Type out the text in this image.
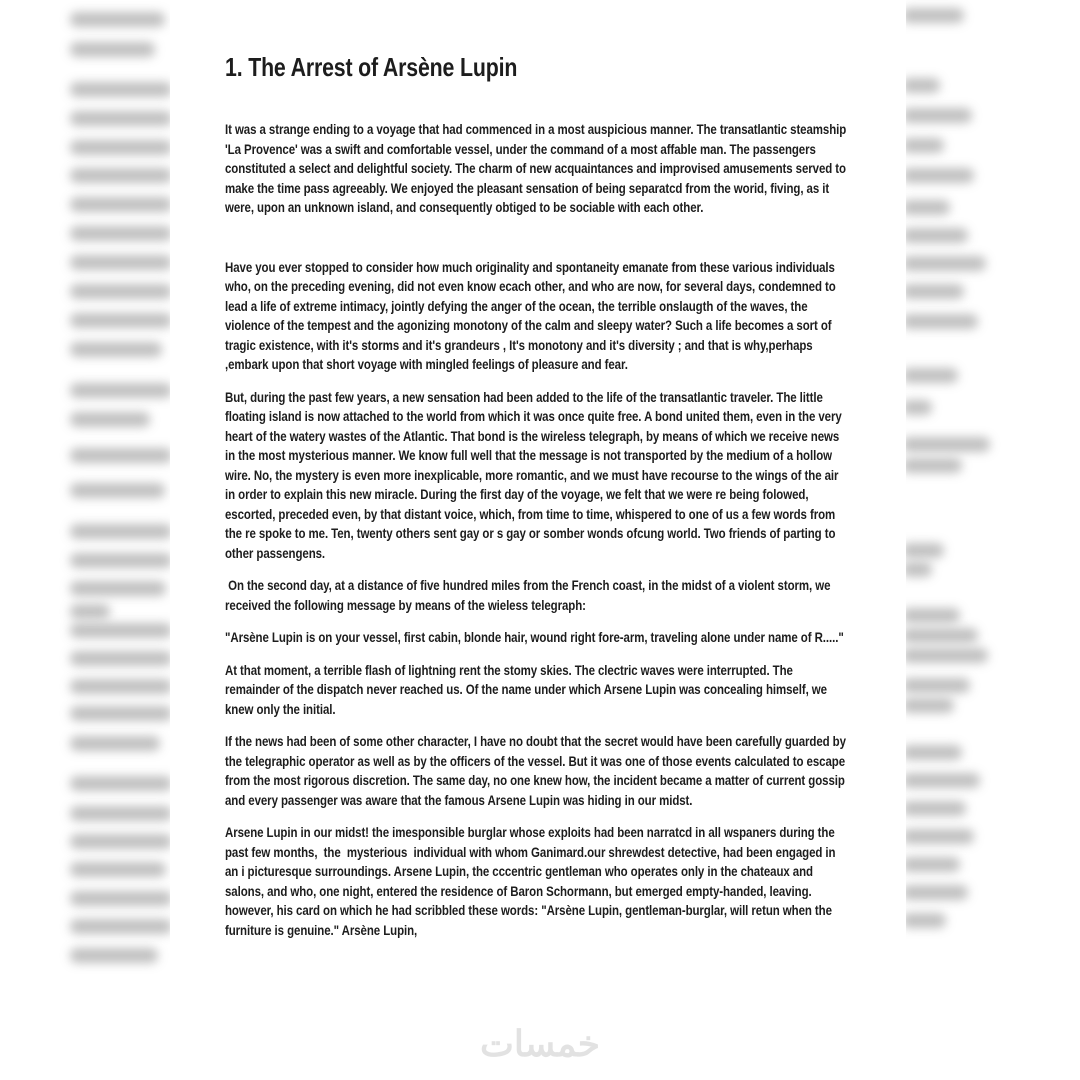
1. The Arrest of Arsène Lupin

It was a strange ending to a voyage that had commenced in a most auspicious manner. The transatlantic steamship 'La Provence' was a swift and comfortable vessel, under the command of a most affable man. The passengers constituted a select and delightful society. The charm of new acquaintances and improvised amusements served to make the time pass agreeably. We enjoyed the pleasant sensation of being separatcd from the worid, fiving, as it were, upon an unknown island, and consequently obtiged to be sociable with each other.

Have you ever stopped to consider how much originality and spontaneity emanate from these various individuals who, on the preceding evening, did not even know ecach other, and who are now, for several days, condemned to lead a life of extreme intimacy, jointly defying the anger of the ocean, the terrible onslaugth of the waves, the violence of the tempest and the agonizing monotony of the calm and sleepy water? Such a life becomes a sort of tragic existence, with it's storms and it's grandeurs , It's monotony and it's diversity ; and that is why,perhaps ,embark upon that short voyage with mingled feelings of pleasure and fear.

But, during the past few years, a new sensation had been added to the life of the transatlantic traveler. The little floating island is now attached to the world from which it was once quite free. A bond united them, even in the very heart of the watery wastes of the Atlantic. That bond is the wireless telegraph, by means of which we receive news in the most mysterious manner. We know full well that the message is not transported by the medium of a hollow wire. No, the mystery is even more inexplicable, more romantic, and we must have recourse to the wings of the air in order to explain this new miracle. During the first day of the voyage, we felt that we were re being folowed, escorted, preceded even, by that distant voice, which, from time to time, whispered to one of us a few words from the re spoke to me. Ten, twenty others sent gay or s gay or somber wonds ofcung world. Two friends of parting to other passengens.

On the second day, at a distance of five hundred miles from the French coast, in the midst of a violent storm, we received the following message by means of the wieless telegraph:

"Arsène Lupin is on your vessel, first cabin, blonde hair, wound right fore-arm, traveling alone under name of R....."

At that moment, a terrible flash of lightning rent the stomy skies. The clectric waves were interrupted. The remainder of the dispatch never reached us. Of the name under which Arsene Lupin was concealing himself, we knew only the initial.

If the news had been of some other character, I have no doubt that the secret would have been carefully guarded by the telegraphic operator as well as by the officers of the vessel. But it was one of those events calculated to escape from the most rigorous discretion. The same day, no one knew how, the incident became a matter of current gossip and every passenger was aware that the famous Arsene Lupin was hiding in our midst.

Arsene Lupin in our midst! the imesponsible burglar whose exploits had been narratcd in all wspaners during the past few months,  the  mysterious  individual with whom Ganimard.our shrewdest detective, had been engaged in an i picturesque surroundings. Arsene Lupin, the cccentric gentleman who operates only in the chateaux and salons, and who, one night, entered the residence of Baron Schormann, but emerged empty-handed, leaving. however, his card on which he had scribbled these words: "Arsène Lupin, gentleman-burglar, will retun when the furniture is genuine." Arsène Lupin,

خمسات
